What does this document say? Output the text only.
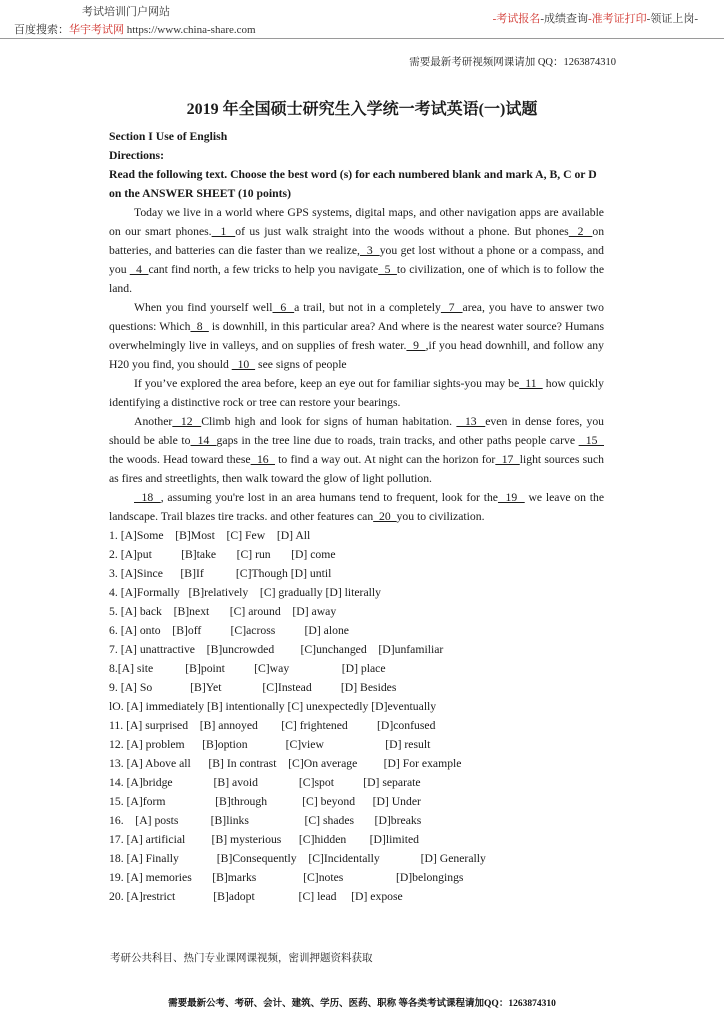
考试培训门户网站
百度搜索：华宇考试网 https://www.china-share.com
-考试报名-成绩查询-准考证打印-领证上岗-
需要最新考研视频网课请加 QQ：1263874310
2019 年全国硕士研究生入学统一考试英语(一)试题
Section I Use of English
Directions:
Read the following text. Choose the best word (s) for each numbered blank and mark A, B, C or D on the ANSWER SHEET (10 points)
Today we live in a world where GPS systems, digital maps, and other navigation apps are available on our smart phones.  1  of us just walk straight into the woods without a phone. But phones  2  on batteries, and batteries can die faster than we realize,  3  you get lost without a phone or a compass, and you   4  cant find north, a few tricks to help you navigate  5  to civilization, one of which is to follow the land.
When you find yourself well  6  a trail, but not in a completely  7  area, you have to answer two questions: Which  8   is downhill, in this particular area? And where is the nearest water source? Humans overwhelmingly live in valleys, and on supplies of fresh water.  9  ,if you head downhill, and follow any H20 you find, you should   10   see signs of people
If you’ve explored the area before, keep an eye out for familiar sights-you may be  11   how quickly identifying a distinctive rock or tree can restore your bearings.
Another  12  Climb high and look for signs of human habitation.   13  even in dense fores, you should be able to  14  gaps in the tree line due to roads, train tracks, and other paths people carve   15   the woods. Head toward these  16   to find a way out. At night can the horizon for  17  light sources such as fires and streetlights, then walk toward the glow of light pollution.
18  , assuming you're lost in an area humans tend to frequent, look for the  19   we leave on the landscape. Trail blazes tire tracks. and other features can  20  you to civilization.
1. [A]Some    [B]Most    [C] Few    [D] All
2. [A]put          [B]take       [C] run       [D] come
3. [A]Since      [B]If           [C]Though [D] until
4. [A]Formally   [B]relatively    [C] gradually [D] literally
5. [A] back    [B]next       [C] around    [D] away
6. [A] onto    [B]off          [C]across          [D] alone
7. [A] unattractive    [B]uncrowded         [C]unchanged    [D]unfamiliar
8.[A] site           [B]point          [C]way                  [D] place
9. [A] So             [B]Yet              [C]Instead          [D] Besides
lO. [A] immediately [B] intentionally [C] unexpectedly [D]eventually
11. [A] surprised    [B] annoyed        [C] frightened          [D]confused
12. [A] problem      [B]option             [C]view                     [D] result
13. [A] Above all      [B] In contrast    [C]On average         [D] For example
14. [A]bridge              [B] avoid              [C]spot          [D] separate
15. [A]form                 [B]through            [C] beyond      [D] Under
16.    [A] posts           [B]links                   [C] shades       [D]breaks
17. [A] artificial         [B] mysterious      [C]hidden        [D]limited
18. [A] Finally             [B]Consequently    [C]Incidentally              [D] Generally
19. [A] memories       [B]marks                [C]notes                  [D]belongings
20. [A]restrict             [B]adopt               [C] lead     [D] expose
考研公共科目、热门专业课网课视频，密训押题资料获取
需要最新公考、考研、会计、建筑、学历、医药、职称 等各类考试课程请加QQ：1263874310
